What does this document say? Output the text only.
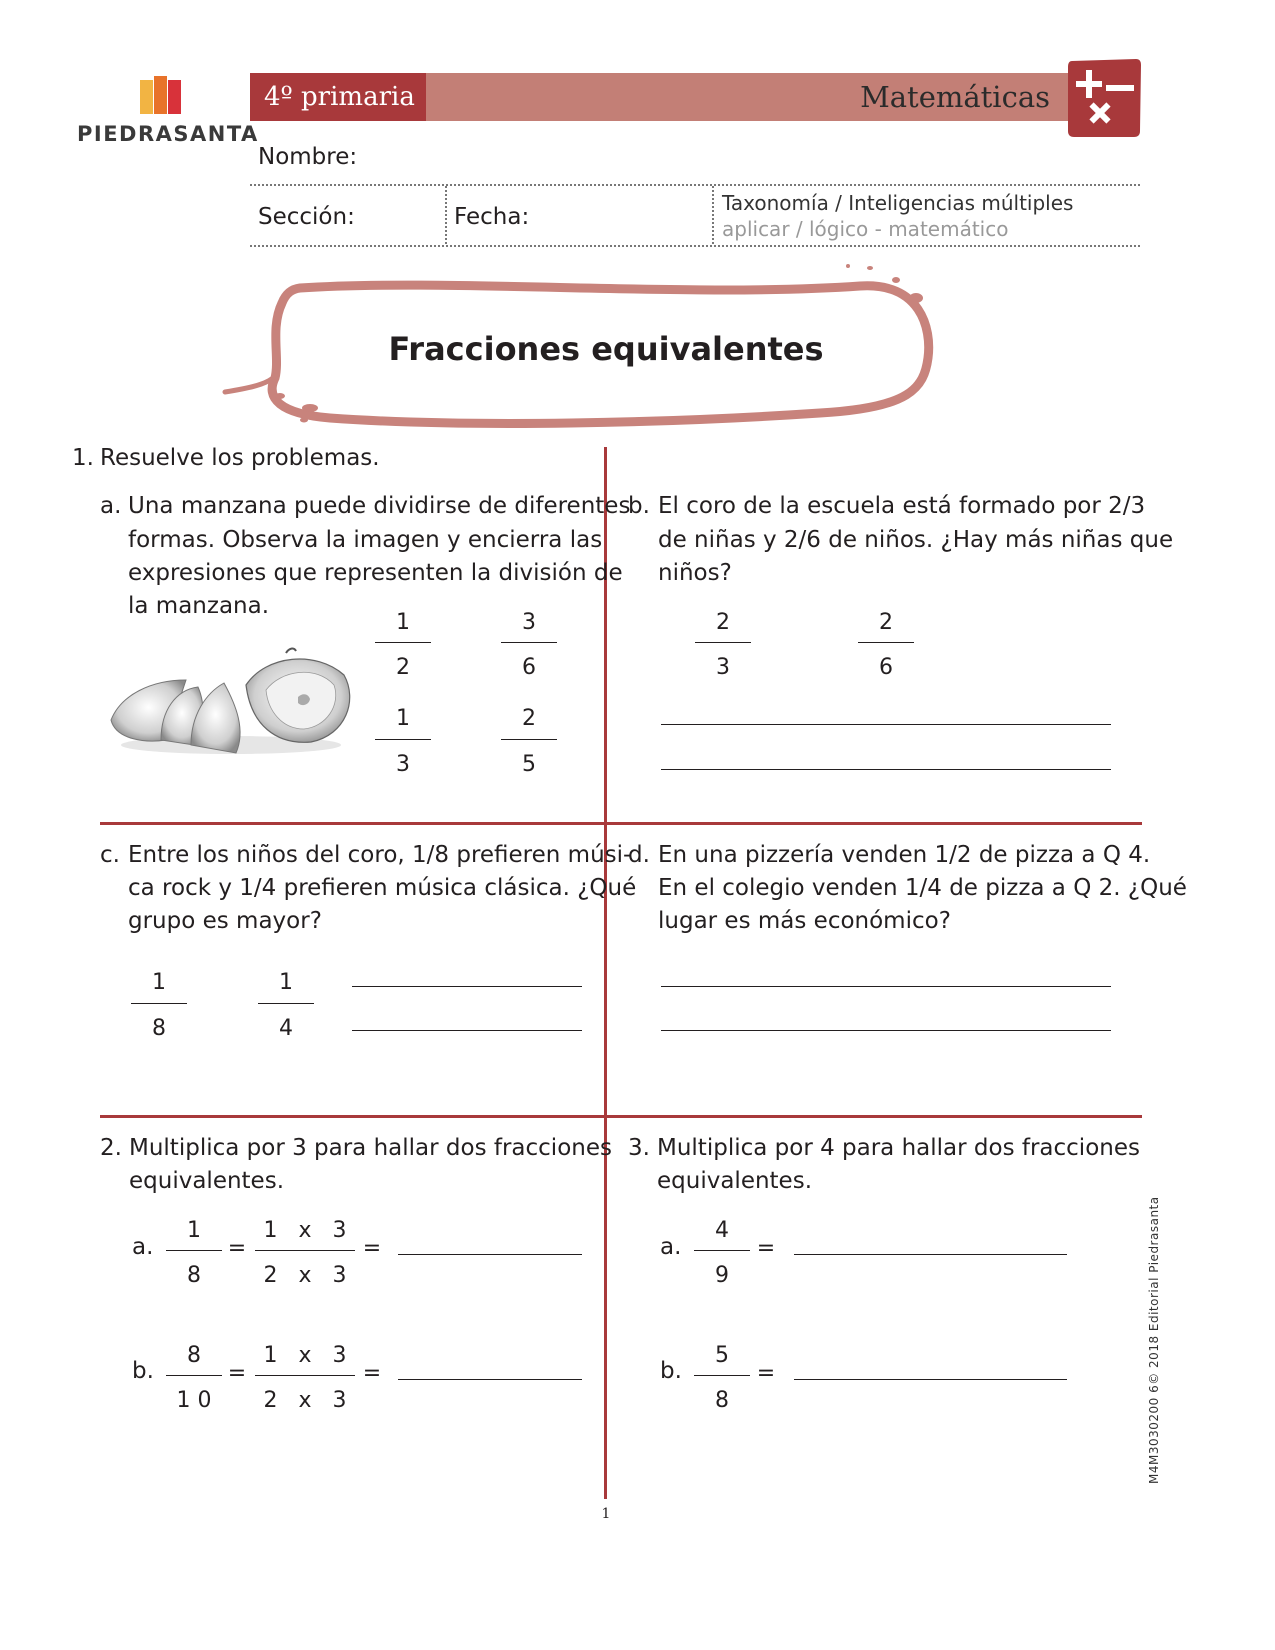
PIEDRASANTA
4º primaria	Matemáticas
Nombre:
Sección:	Fecha:
Taxonomía / Inteligencias múltiples
aplicar / lógico - matemático
Fracciones equivalentes
1. Resuelve los problemas.
a. Una manzana puede dividirse de diferentes
formas. Observa la imagen y encierra las
expresiones que representen la división de
la manzana.
1
2
3
6
1
3
2
5
b. El coro de la escuela está formado por 2/3
de niñas y 2/6 de niños. ¿Hay más niñas que
niños?
2
3
2
6
c. Entre los niños del coro, 1/8 prefieren músi-
ca rock y 1/4 prefieren música clásica. ¿Qué
grupo es mayor?
1
8
1
4
d. En una pizzería venden 1/2 de pizza a Q 4.
En el colegio venden 1/4 de pizza a Q 2. ¿Qué
lugar es más económico?
2. Multiplica por 3 para hallar dos fracciones
equivalentes.
a.
1
8
=
1   x   3
2   x   3
=
b.
8
1 0
=
1   x   3
2   x   3
=
3. Multiplica por 4 para hallar dos fracciones
equivalentes.
a.
4
9
=
b.
5
8
=
1
M4M3030200 6© 2018 Editorial Piedrasanta
